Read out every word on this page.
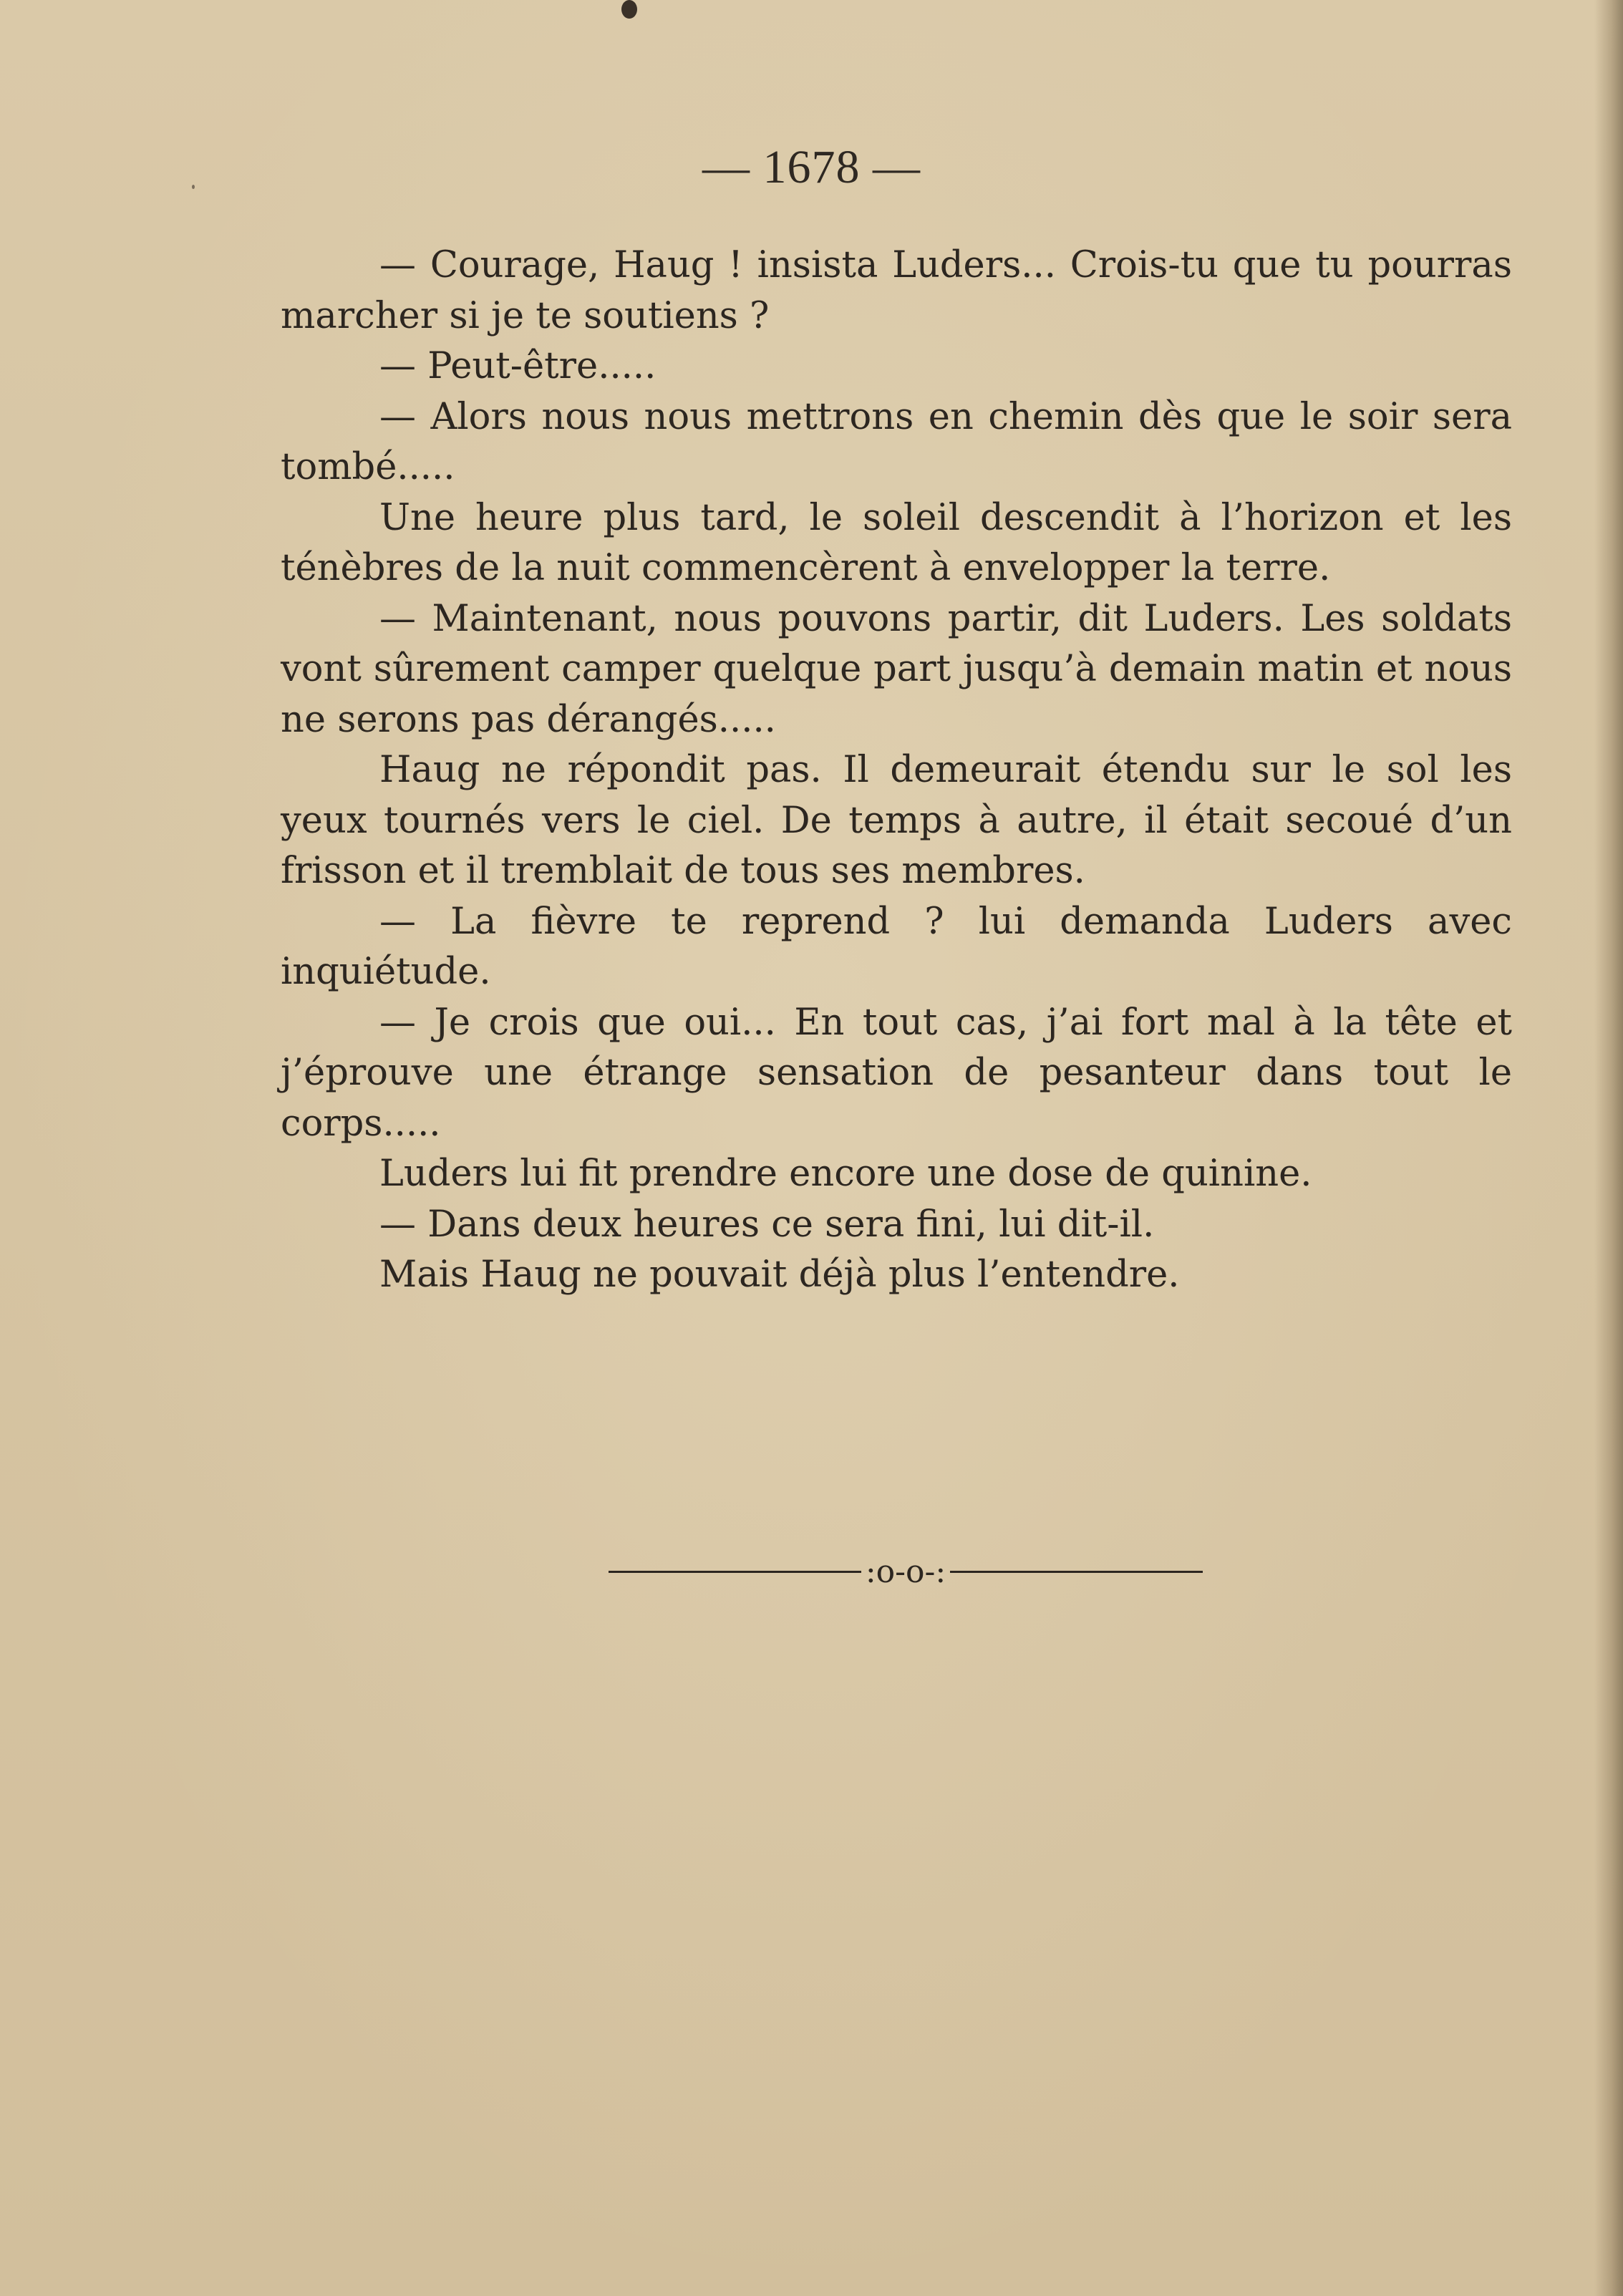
— 1678 —

— Courage, Haug ! insista Luders... Crois-tu que tu pourras marcher si je te soutiens ?

— Peut-être.....

— Alors nous nous mettrons en chemin dès que le soir sera tombé.....

Une heure plus tard, le soleil descendit à l’horizon et les ténèbres de la nuit commencèrent à envelopper la terre.

— Maintenant, nous pouvons partir, dit Luders. Les soldats vont sûrement camper quelque part jusqu’à demain matin et nous ne serons pas dérangés.....

Haug ne répondit pas. Il demeurait étendu sur le sol les yeux tournés vers le ciel. De temps à autre, il était secoué d’un frisson et il tremblait de tous ses membres.

— La fièvre te reprend ? lui demanda Luders avec inquiétude.

— Je crois que oui... En tout cas, j’ai fort mal à la tête et j’éprouve une étrange sensation de pesanteur dans tout le corps.....

Luders lui fit prendre encore une dose de quinine.

— Dans deux heures ce sera fini, lui dit-il.

Mais Haug ne pouvait déjà plus l’entendre.

:o-o-:
